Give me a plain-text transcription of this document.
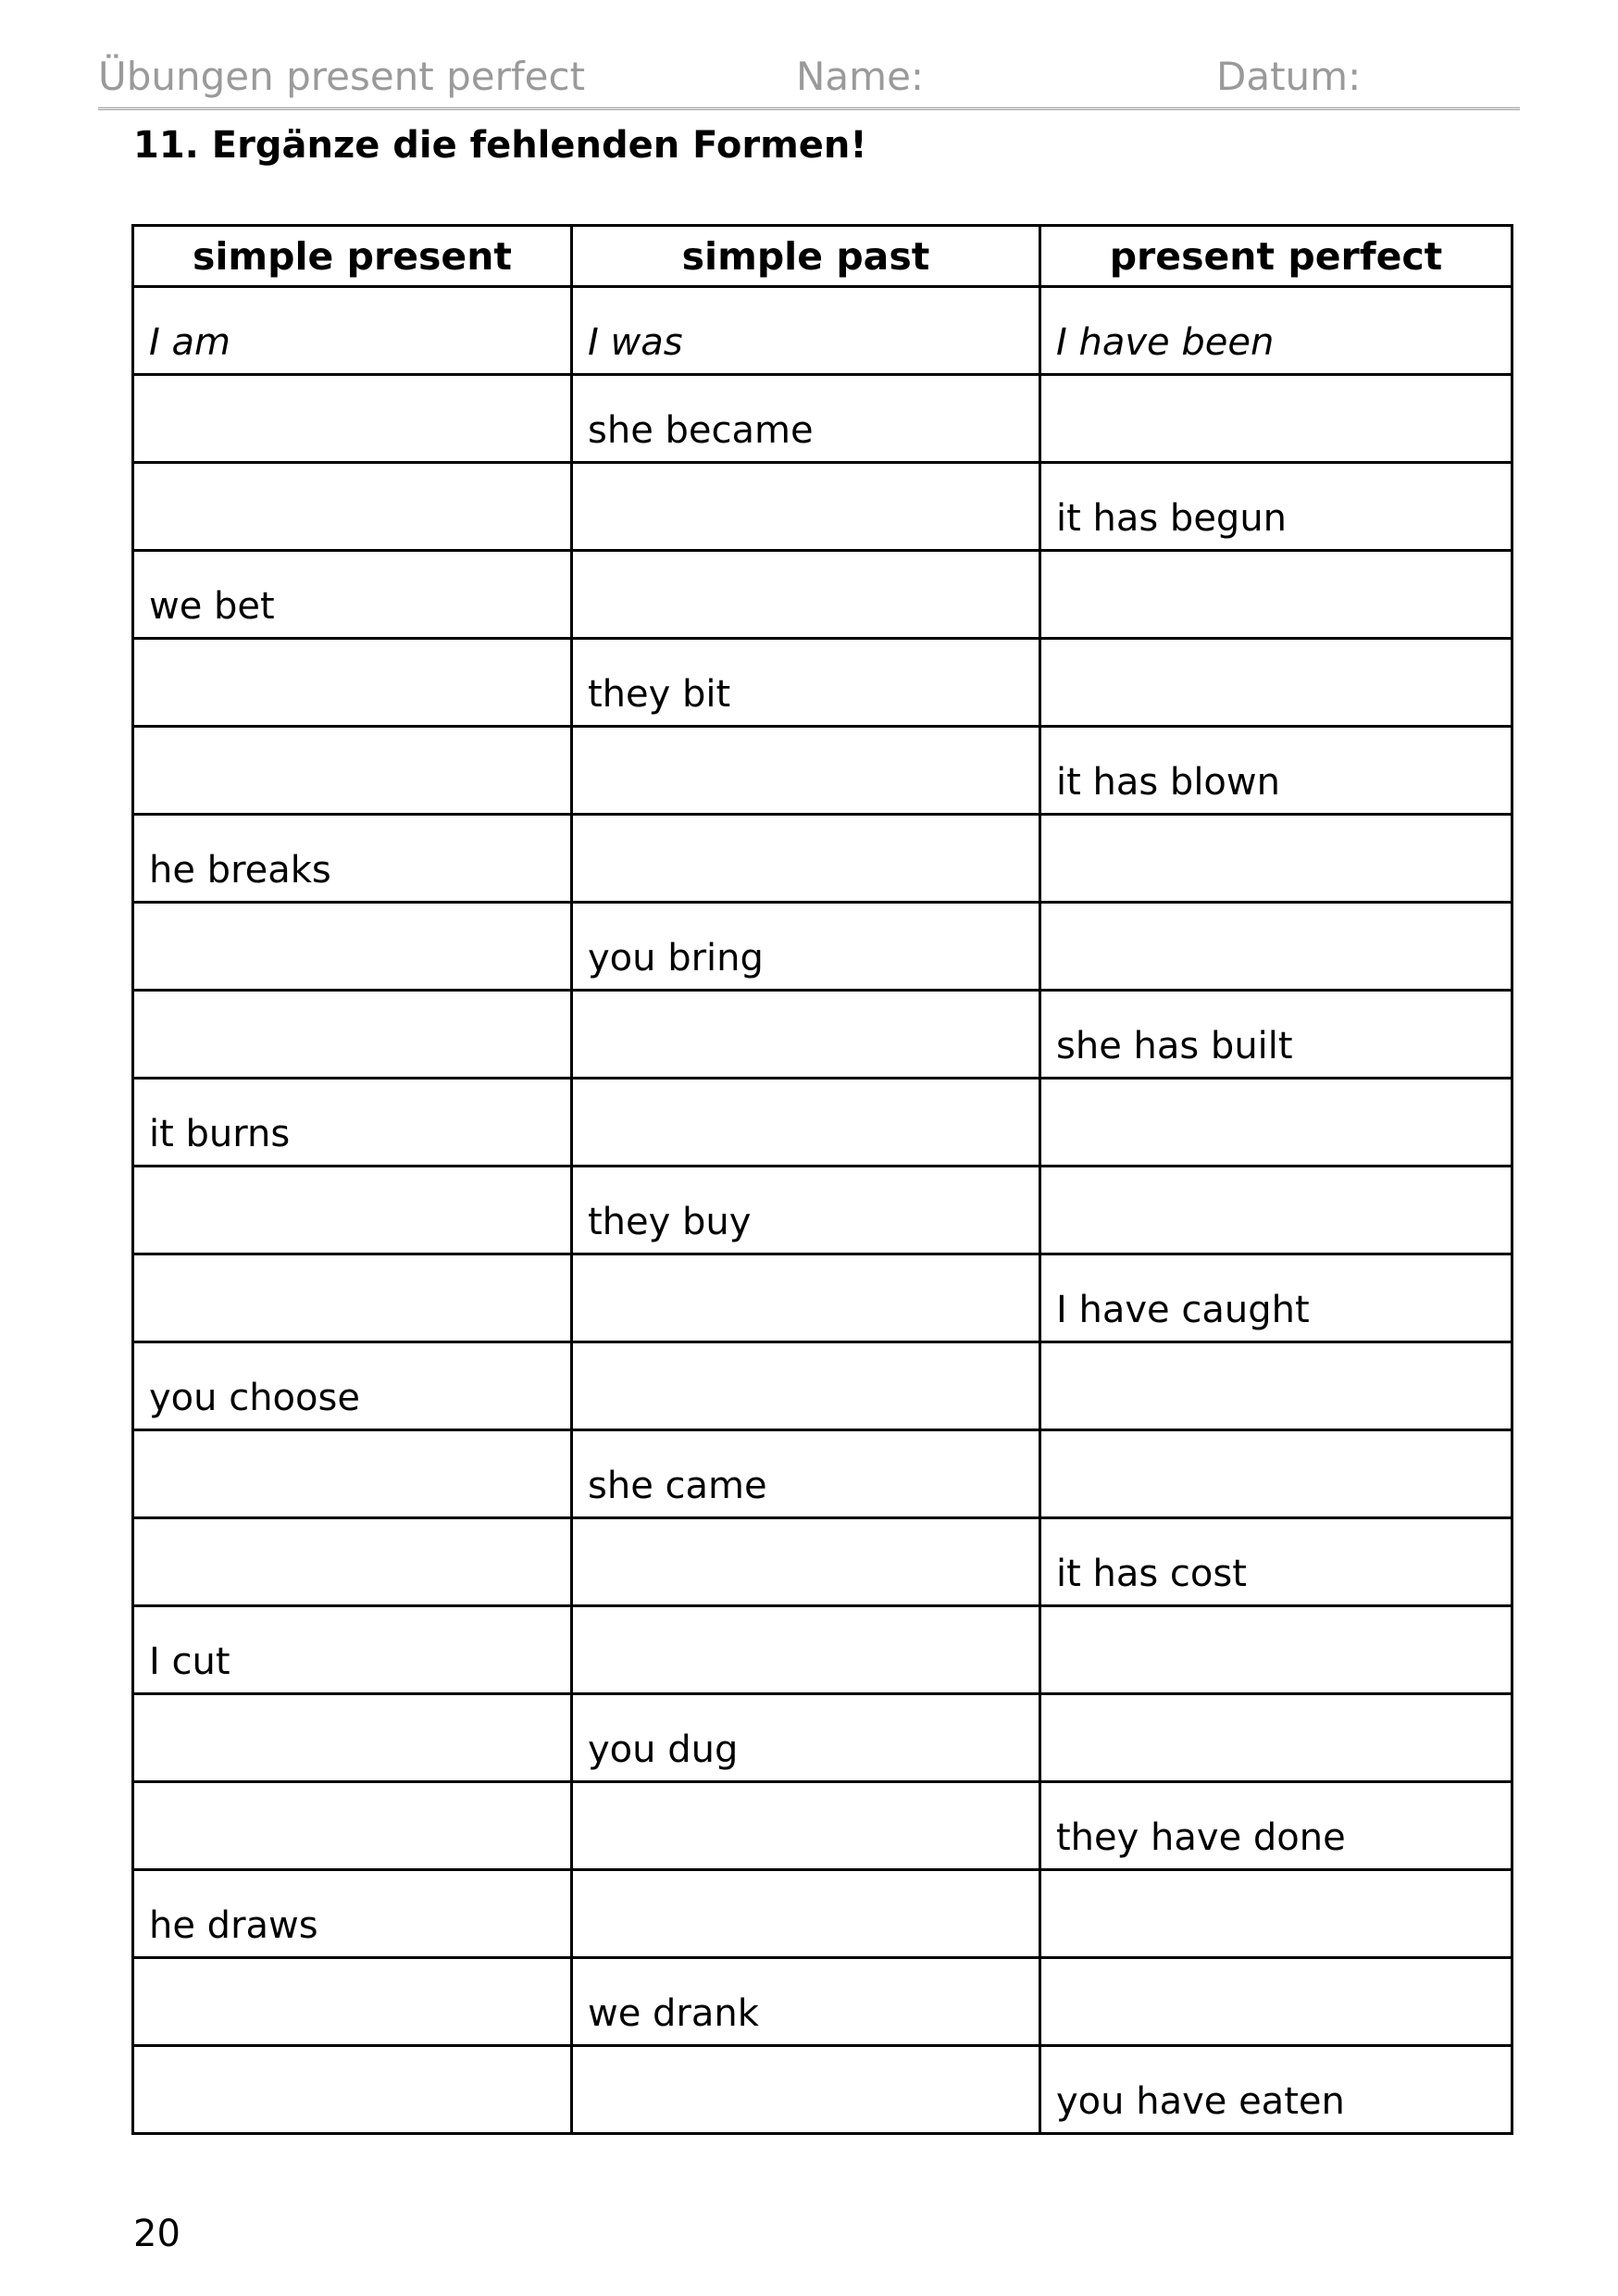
Übungen present perfect	Name:	Datum:
11. Ergänze die fehlenden Formen!
simple present	simple past	present perfect
I am	I was	I have been
	she became	
		it has begun
we bet		
	they bit	
		it has blown
he breaks		
	you bring	
		she has built
it burns		
	they buy	
		I have caught
you choose		
	she came	
		it has cost
I cut		
	you dug	
		they have done
he draws		
	we drank	
		you have eaten
20
